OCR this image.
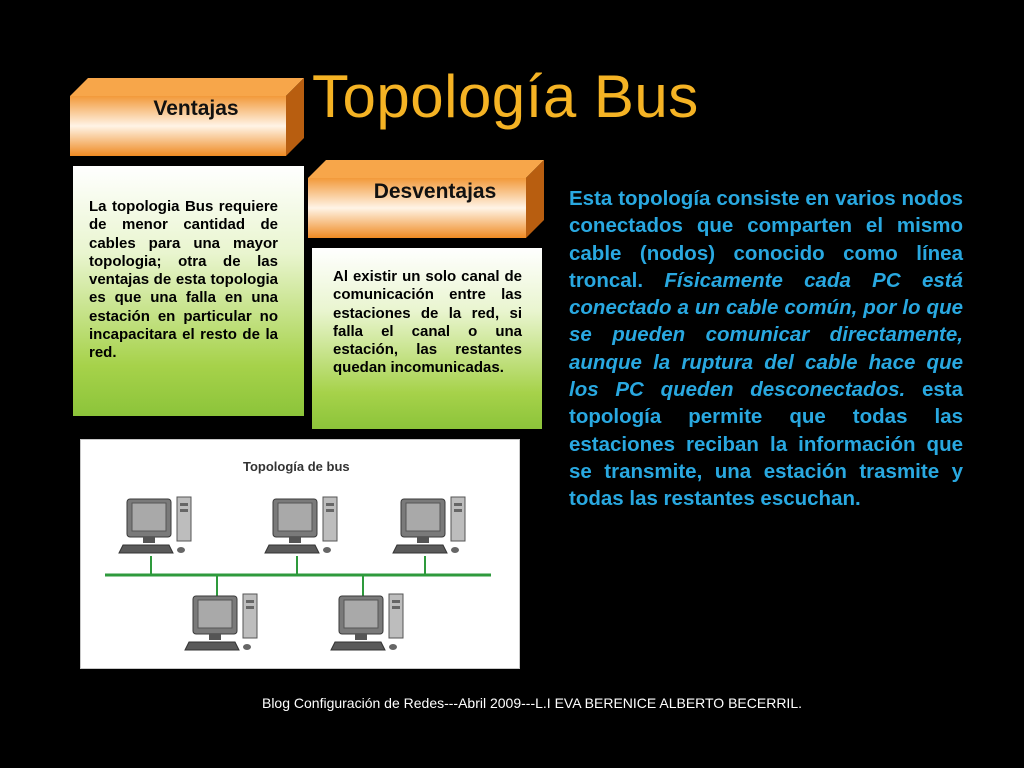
Topología Bus
Ventajas
La topologia Bus requiere de menor cantidad de cables para una mayor topologia; otra de las ventajas de esta topologia es que una falla en una estación en particular no incapacitara el resto de la red.
Desventajas
Al existir un solo canal de comunicación entre las estaciones de la red, si falla el canal o una estación, las restantes quedan incomunicadas.
Esta topología consiste en varios nodos conectados que comparten el mismo cable (nodos) conocido como línea troncal. Físicamente cada PC está conectado a un cable común, por lo que se pueden comunicar directamente, aunque la ruptura del cable hace que los PC queden desconectados. esta topología permite que todas las estaciones reciban la información que se transmite, una estación trasmite y todas las restantes escuchan.
Topología de bus
Blog Configuración de Redes---Abril 2009---L.I EVA BERENICE ALBERTO BECERRIL.
